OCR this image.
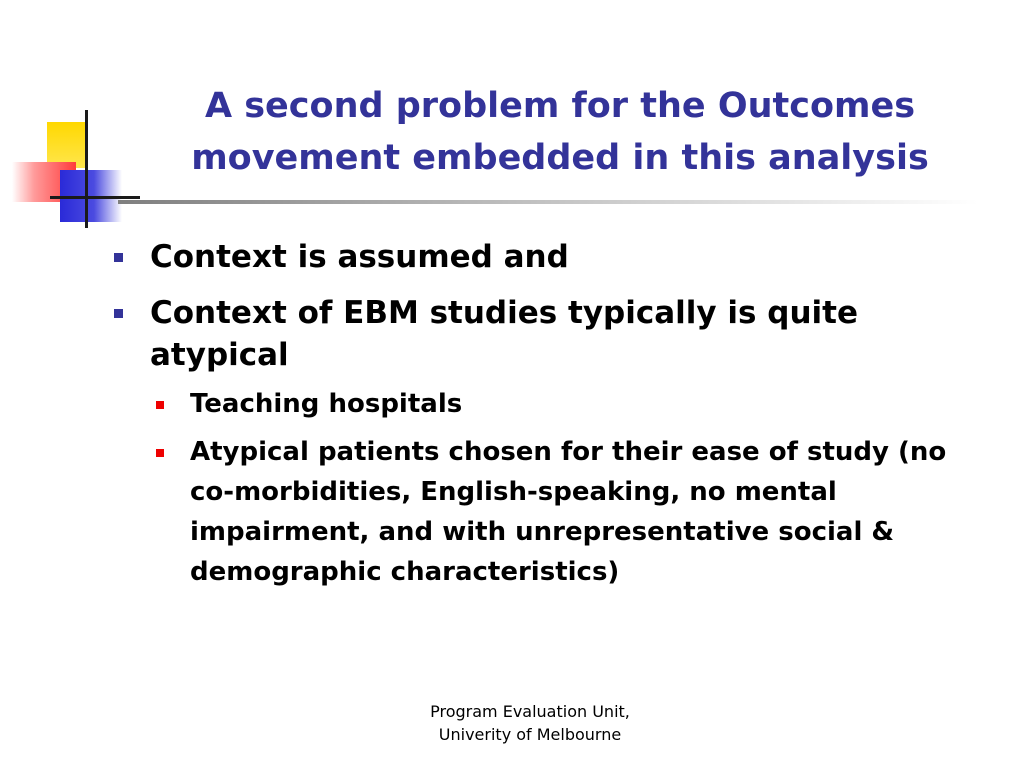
A second problem for the Outcomes
movement embedded in this analysis
Context is assumed and
Context of EBM studies typically is quite atypical
Teaching hospitals
Atypical patients chosen for their ease of study (no co-morbidities, English-speaking, no mental impairment, and with unrepresentative social & demographic characteristics)
Program Evaluation Unit,
Univerity of Melbourne
